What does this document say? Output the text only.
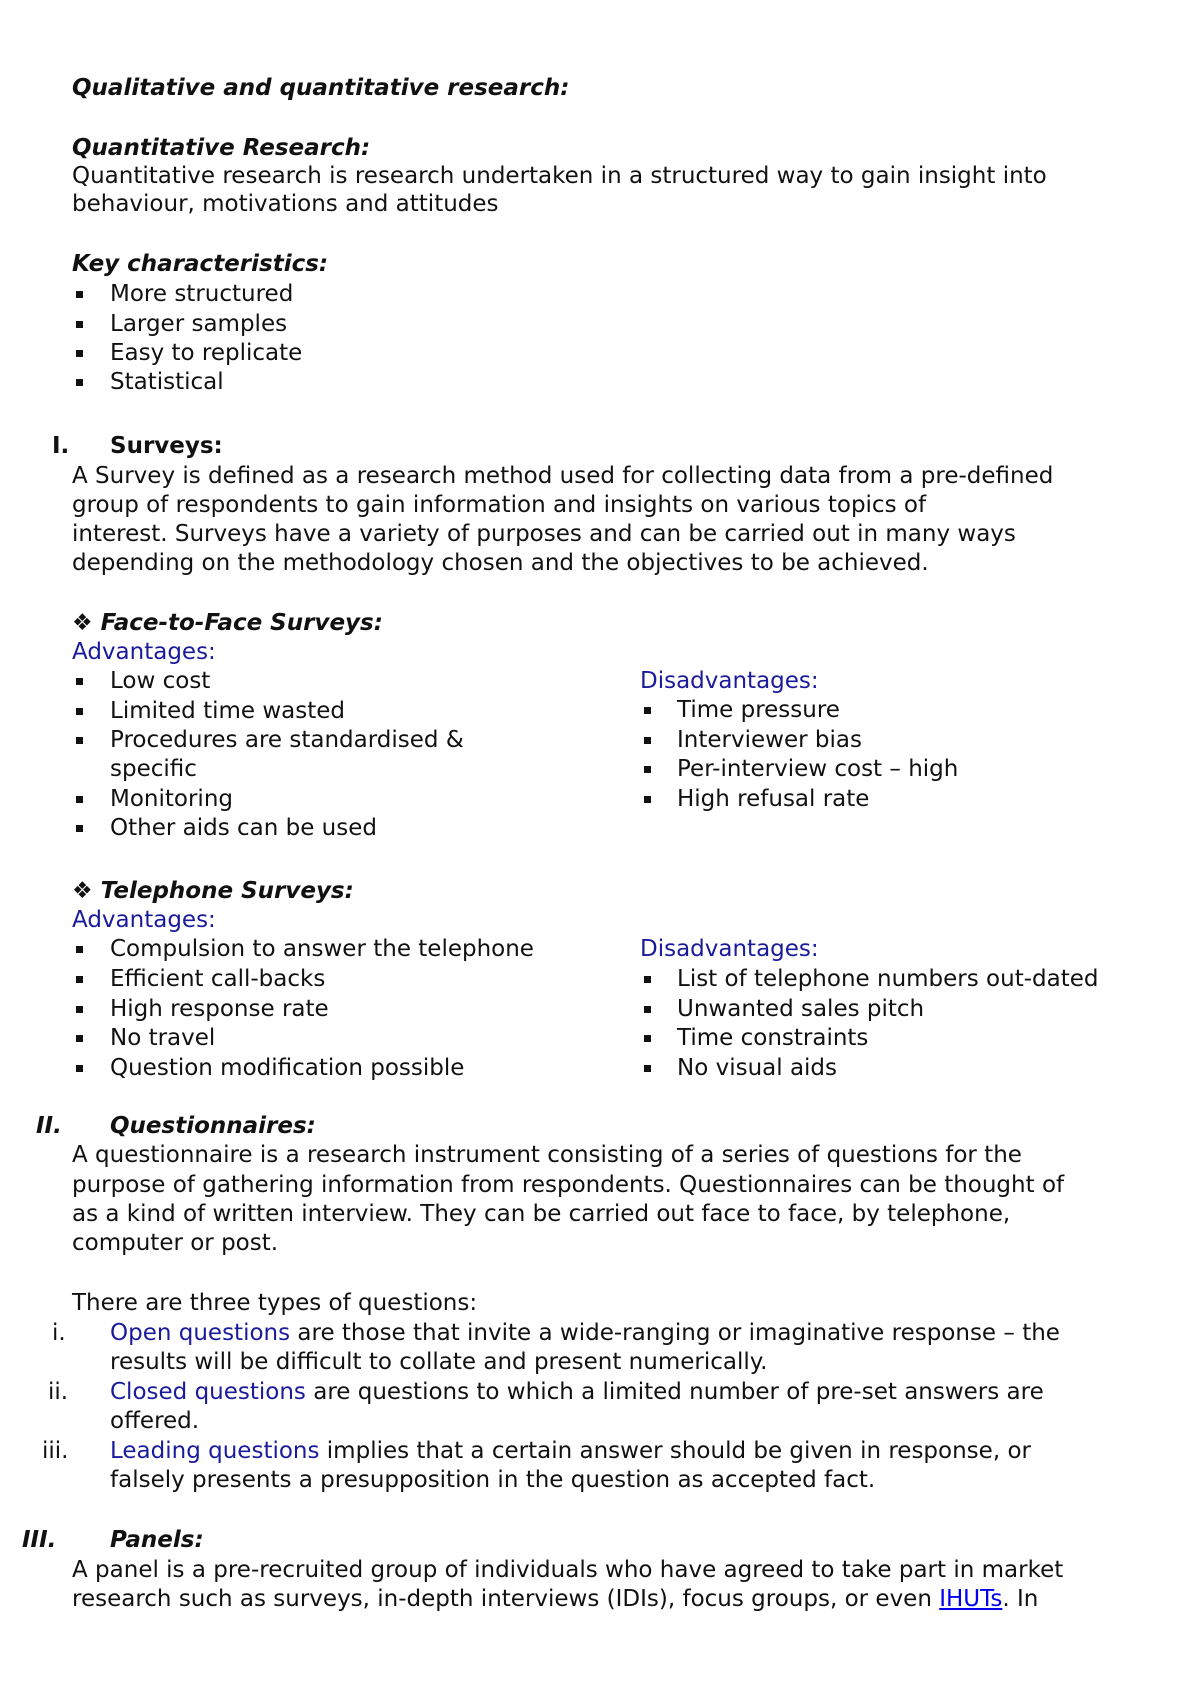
Qualitative and quantitative research:
Quantitative Research:
Quantitative research is research undertaken in a structured way to gain insight into
behaviour, motivations and attitudes
Key characteristics:
More structured
Larger samples
Easy to replicate
Statistical
I. Surveys:
A Survey is defined as a research method used for collecting data from a pre-defined
group of respondents to gain information and insights on various topics of
interest. Surveys have a variety of purposes and can be carried out in many ways
depending on the methodology chosen and the objectives to be achieved.
❖ Face-to-Face Surveys:
Advantages:
Low cost
Limited time wasted
Procedures are standardised &
specific
Monitoring
Other aids can be used
Disadvantages:
Time pressure
Interviewer bias
Per-interview cost – high
High refusal rate
❖ Telephone Surveys:
Advantages:
Compulsion to answer the telephone
Efficient call-backs
High response rate
No travel
Question modification possible
Disadvantages:
List of telephone numbers out-dated
Unwanted sales pitch
Time constraints
No visual aids
II. Questionnaires:
A questionnaire is a research instrument consisting of a series of questions for the
purpose of gathering information from respondents. Questionnaires can be thought of
as a kind of written interview. They can be carried out face to face, by telephone,
computer or post.
There are three types of questions:
i. Open questions are those that invite a wide-ranging or imaginative response – the
results will be difficult to collate and present numerically.
ii. Closed questions are questions to which a limited number of pre-set answers are
offered.
iii. Leading questions implies that a certain answer should be given in response, or
falsely presents a presupposition in the question as accepted fact.
III. Panels:
A panel is a pre-recruited group of individuals who have agreed to take part in market
research such as surveys, in-depth interviews (IDIs), focus groups, or even IHUTs. In
